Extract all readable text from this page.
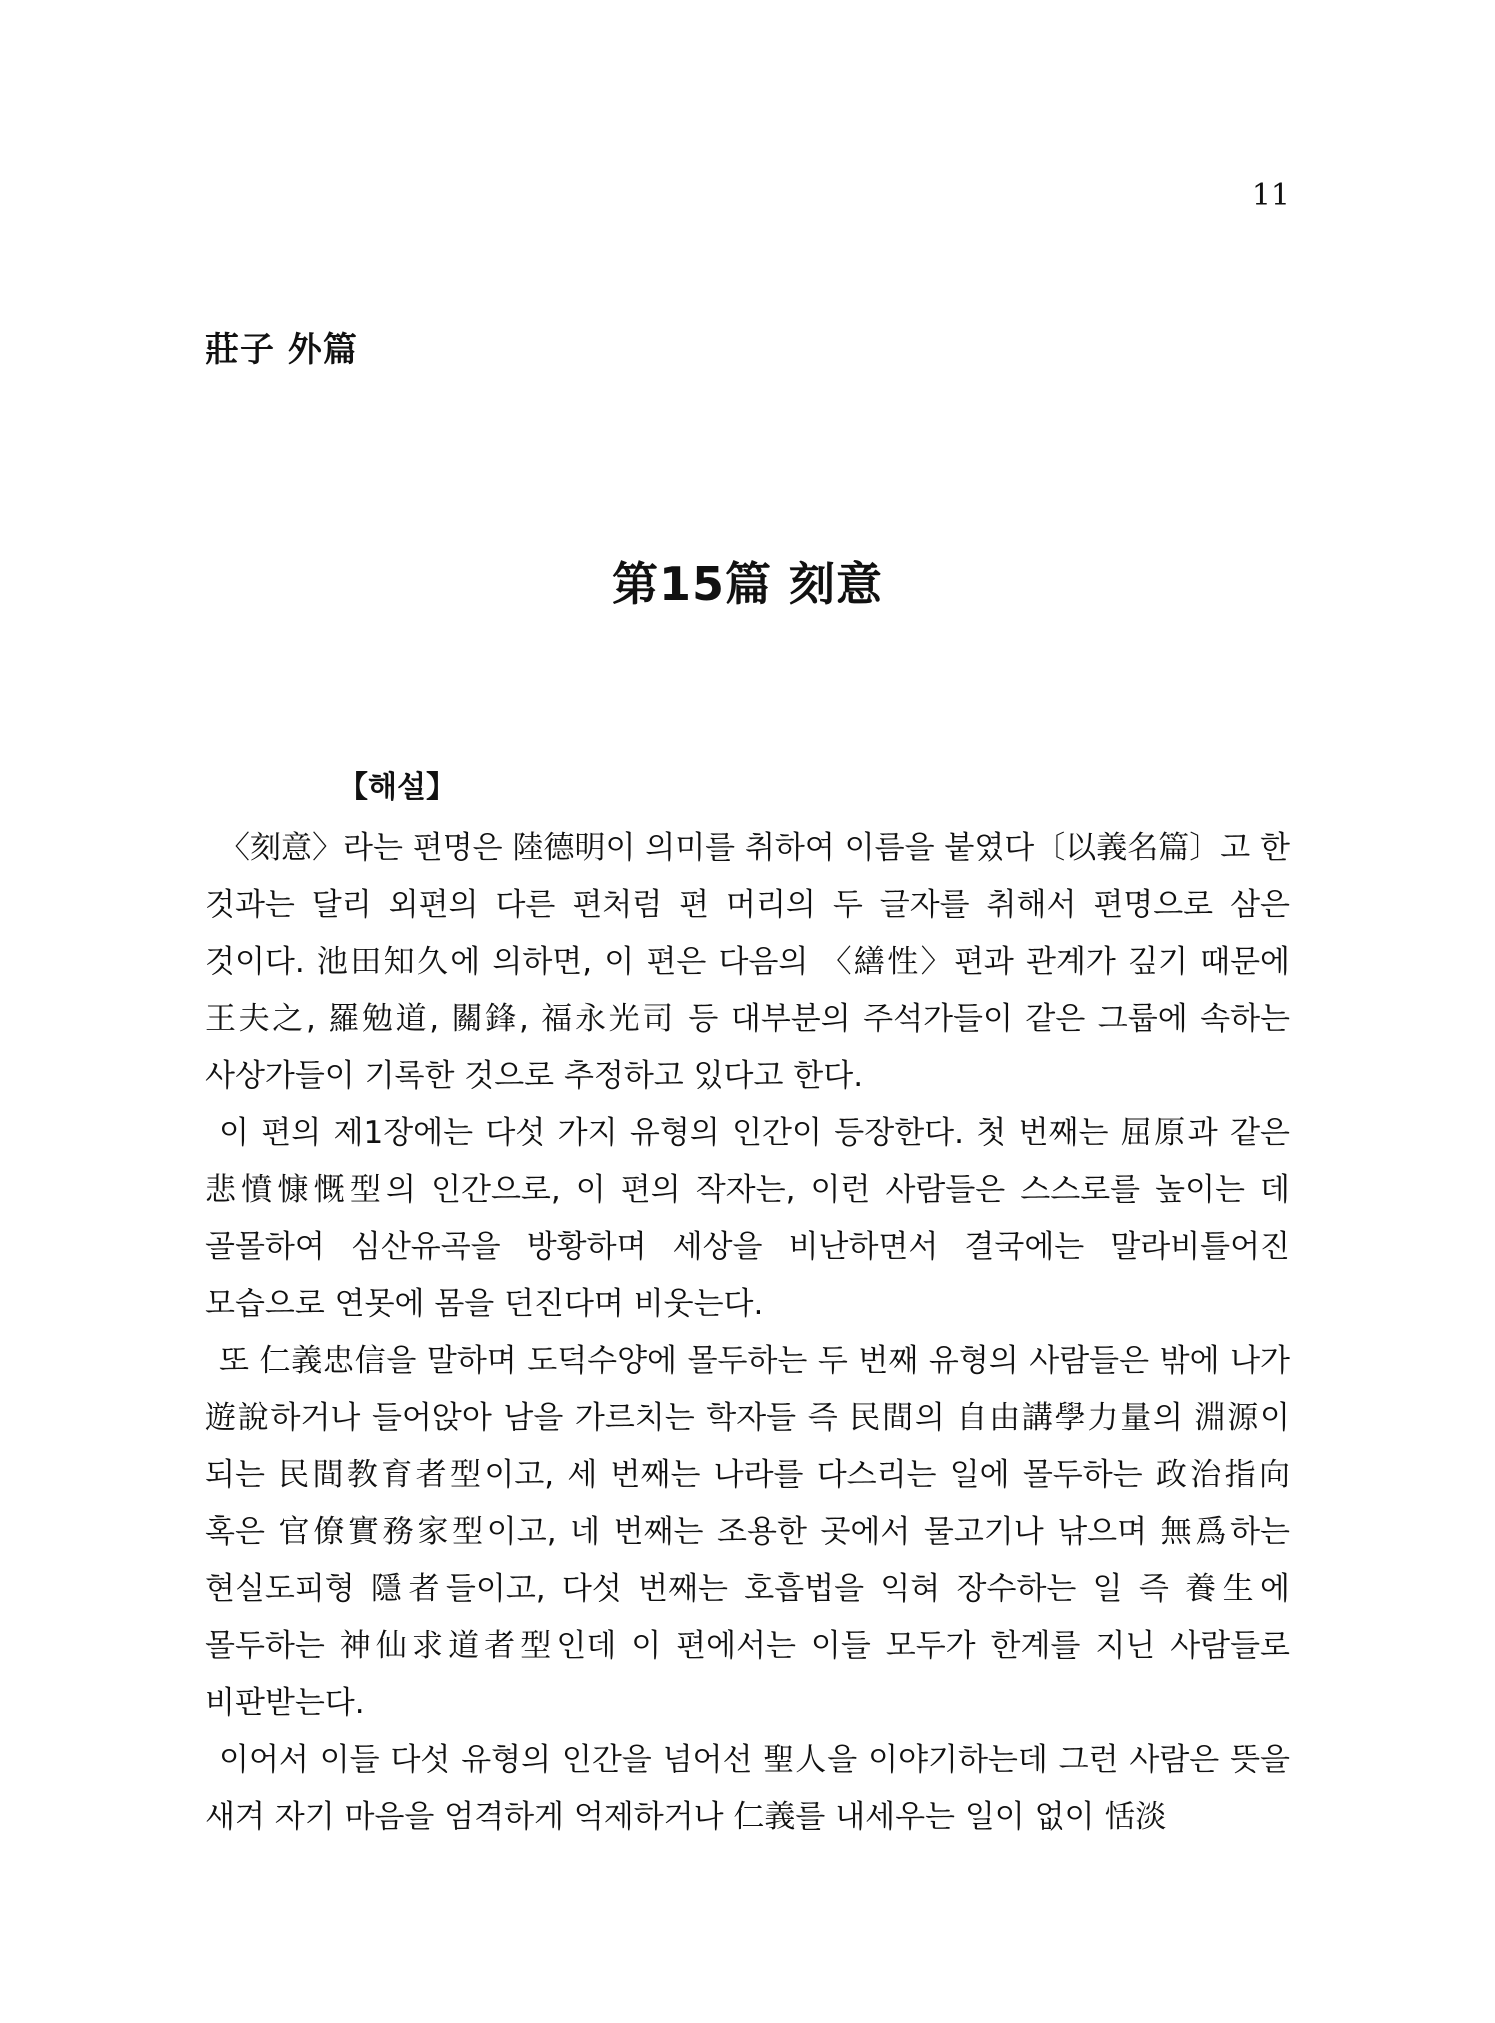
11
莊子 外篇
第15篇 刻意
【해설】

〈刻意〉라는 편명은 陸德明이 의미를 취하여 이름을 붙였다〔以義名篇〕고 한 것과는 달리 외편의 다른 편처럼 편 머리의 두 글자를 취해서 편명으로 삼은 것이다. 池田知久에 의하면, 이 편은 다음의 〈繕性〉편과 관계가 깊기 때문에 王夫之, 羅勉道, 關鋒, 福永光司 등 대부분의 주석가들이 같은 그룹에 속하는 사상가들이 기록한 것으로 추정하고 있다고 한다.

이 편의 제1장에는 다섯 가지 유형의 인간이 등장한다. 첫 번째는 屈原과 같은 悲憤慷慨型의 인간으로, 이 편의 작자는, 이런 사람들은 스스로를 높이는 데 골몰하여 심산유곡을 방황하며 세상을 비난하면서 결국에는 말라비틀어진 모습으로 연못에 몸을 던진다며 비웃는다.

또 仁義忠信을 말하며 도덕수양에 몰두하는 두 번째 유형의 사람들은 밖에 나가 遊說하거나 들어앉아 남을 가르치는 학자들 즉 民間의 自由講學力量의 淵源이 되는 民間教育者型이고, 세 번째는 나라를 다스리는 일에 몰두하는 政治指向 혹은 官僚實務家型이고, 네 번째는 조용한 곳에서 물고기나 낚으며 無爲하는 현실도피형 隱者들이고, 다섯 번째는 호흡법을 익혀 장수하는 일 즉 養生에 몰두하는 神仙求道者型인데 이 편에서는 이들 모두가 한계를 지닌 사람들로 비판받는다.

이어서 이들 다섯 유형의 인간을 넘어선 聖人을 이야기하는데 그런 사람은 뜻을 새겨 자기 마음을 엄격하게 억제하거나 仁義를 내세우는 일이 없이 恬淡
